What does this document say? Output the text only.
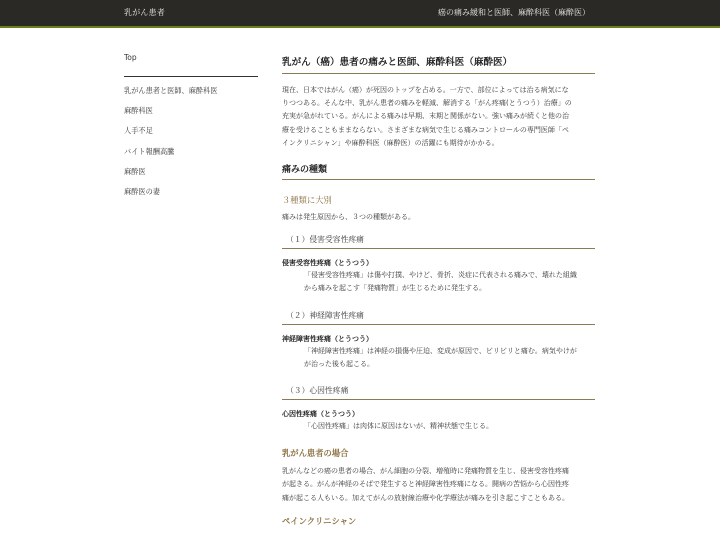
乳がん患者	癌の痛み緩和と医師、麻酔科医（麻酔医）
Top
乳がん患者と医師、麻酔科医
麻酔科医
人手不足
バイト報酬高騰
麻酔医
麻酔医の妻
乳がん（癌）患者の痛みと医師、麻酔科医（麻酔医）

現在、日本ではがん（癌）が死因のトップを占める。一方で、部位によっては治る病気にな

りつつある。そんな中、乳がん患者の痛みを軽減、解消する「がん疼痛(とうつう）治療」の

充実が急がれている。がんによる痛みは早期、末期と関係がない。強い痛みが続くと他の治

療を受けることもままならない。さまざまな病気で生じる痛みコントロールの専門医師「ペ

インクリニシャン」や麻酔科医（麻酔医）の活躍にも期待がかかる。

痛みの種類
３種類に大別

痛みは発生原因から、３つの種類がある。

（１）侵害受容性疼痛
侵害受容性疼痛（とうつう）

「侵害受容性疼痛」は傷や打撲、やけど、骨折、炎症に代表される痛みで、壊れた組織

から痛みを起こす「発痛物質」が生じるために発生する。

（２）神経障害性疼痛
神経障害性疼痛（とうつう）

「神経障害性疼痛」は神経の損傷や圧迫、変成が原因で、ビリビリと痛む。病気やけが

が治った後も起こる。

（３）心因性疼痛
心因性疼痛（とうつう）

「心因性疼痛」は肉体に原因はないが、精神状態で生じる。

乳がん患者の場合

乳がんなどの癌の患者の場合、がん細胞の分裂、増殖時に発痛物質を生じ、侵害受容性疼痛

が起きる。がんが神経のそばで発生すると神経障害性疼痛になる。闘病の苦悩から心因性疼

痛が起こる人もいる。加えてがんの放射線治療や化学療法が痛みを引き起こすこともある。

ペインクリニシャン
